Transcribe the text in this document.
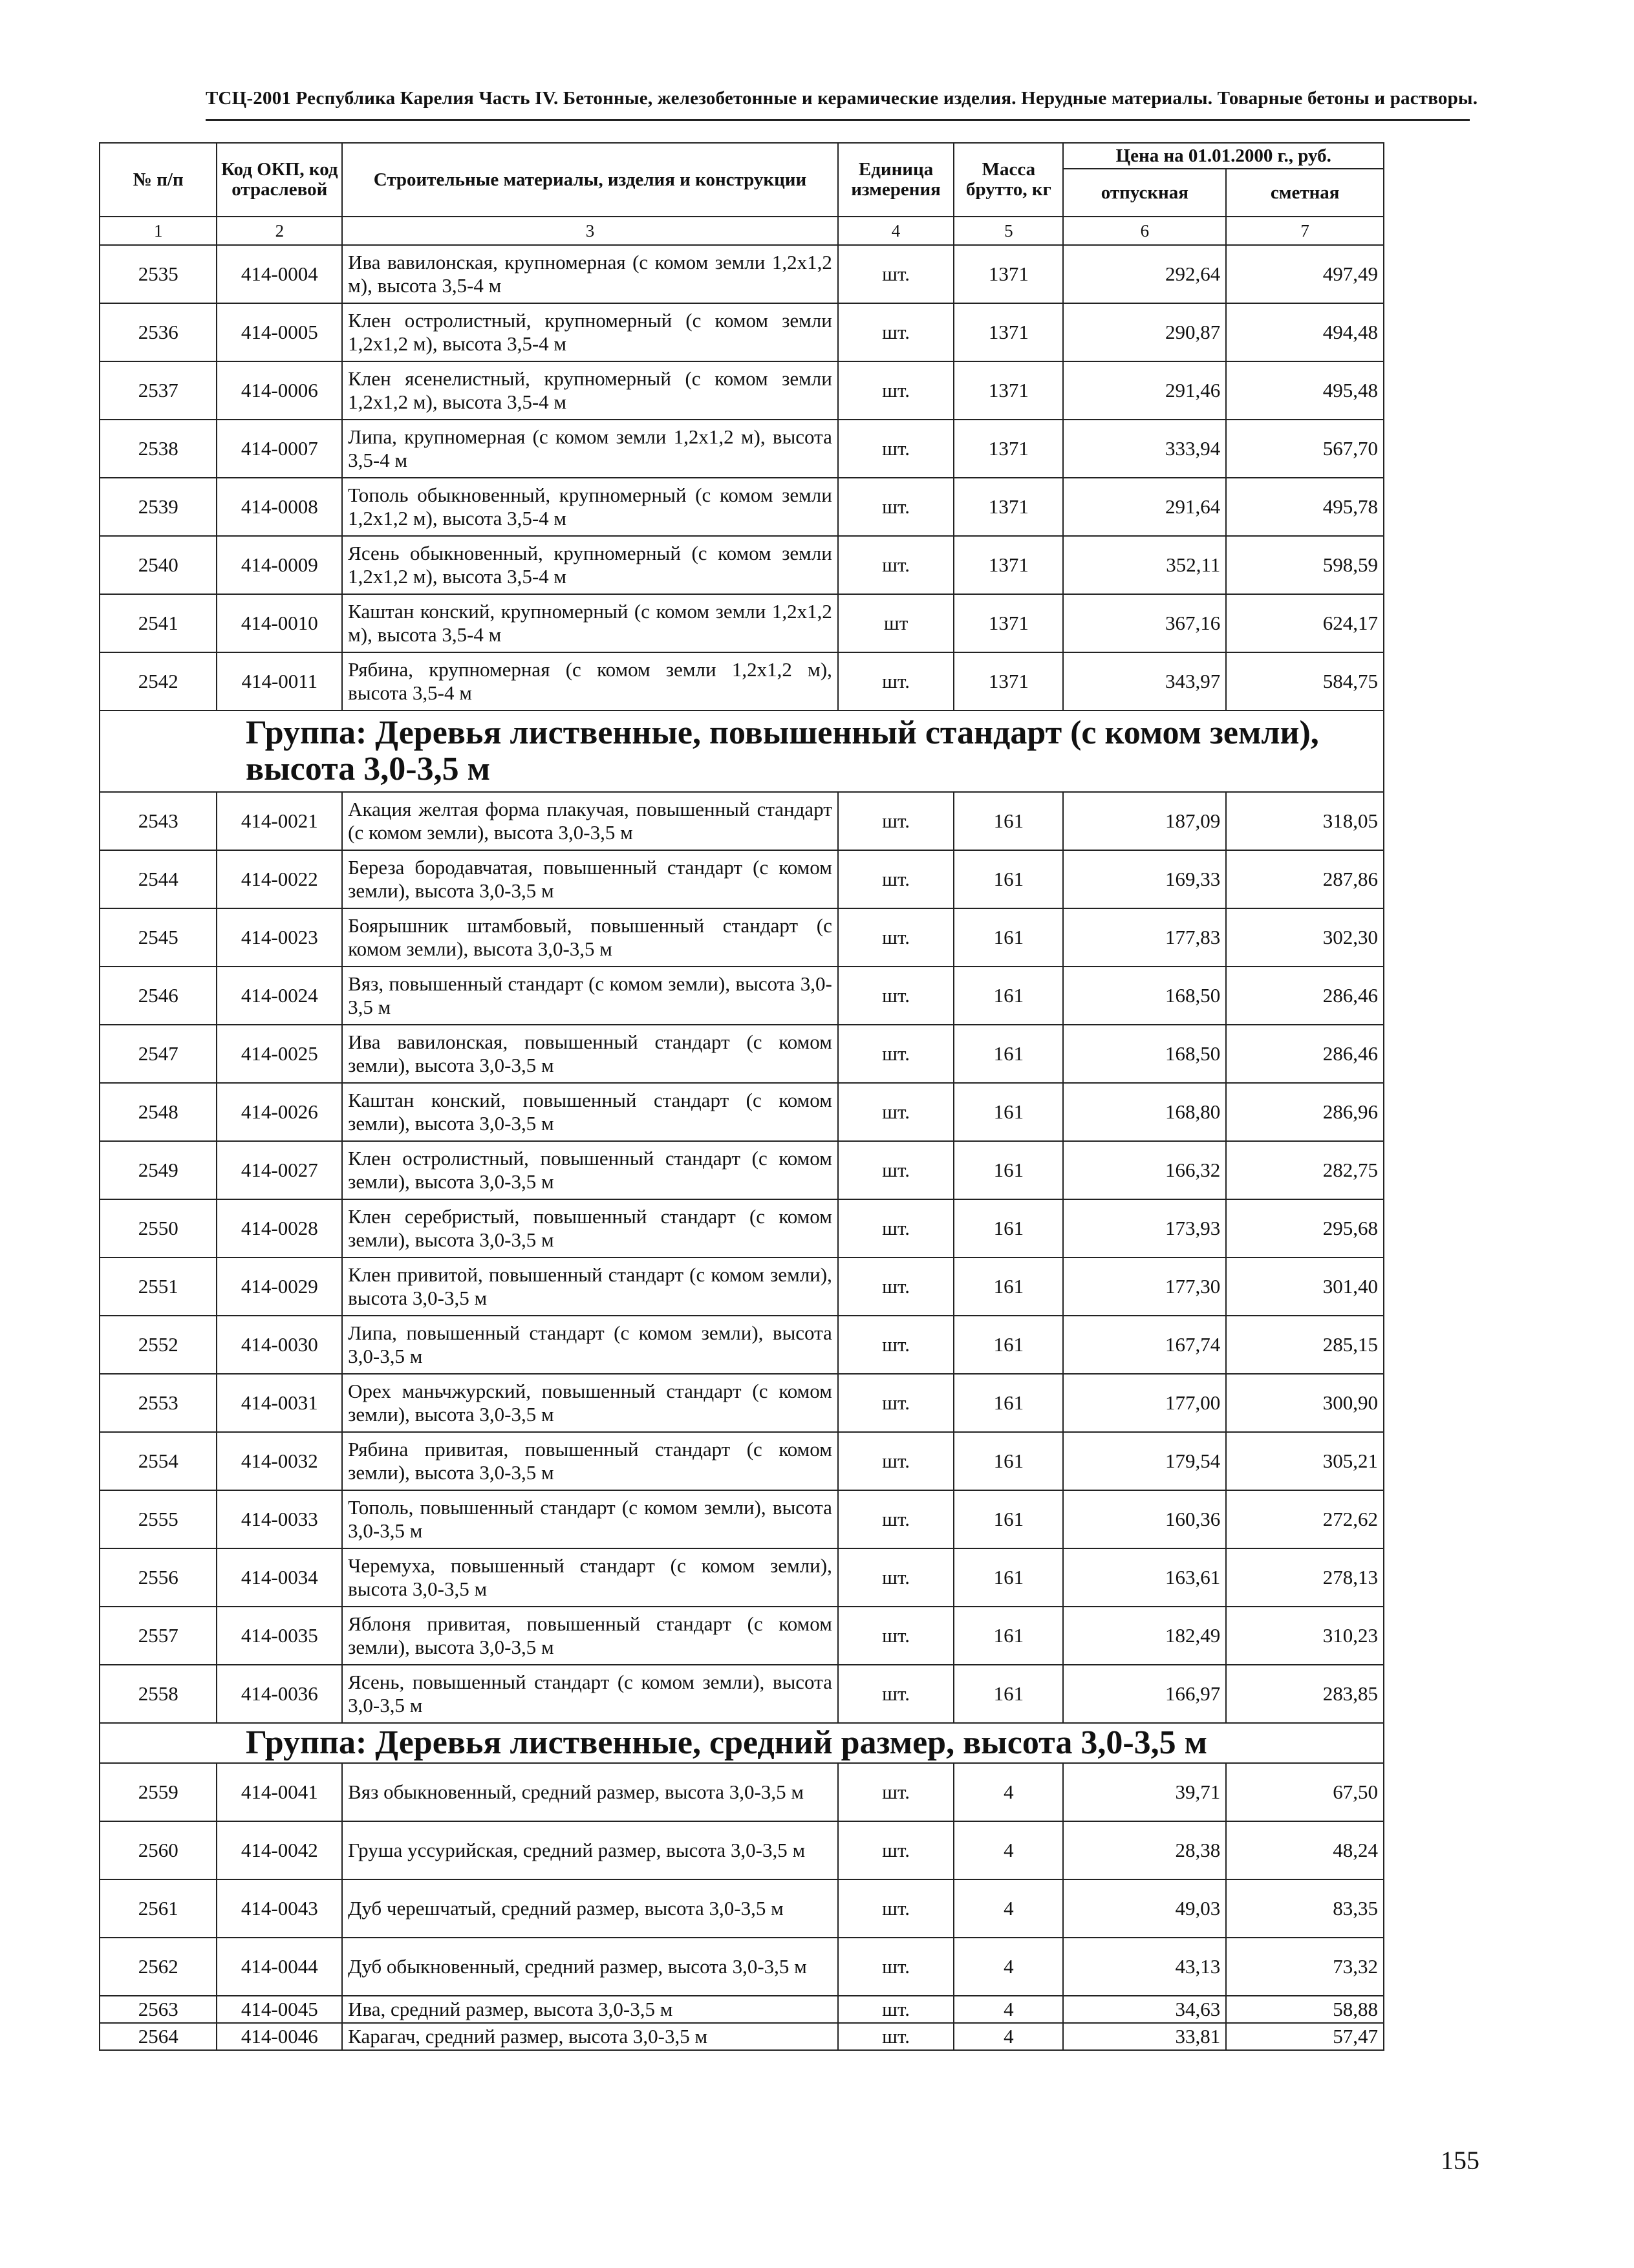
ТСЦ-2001 Республика Карелия Часть IV. Бетонные, железобетонные и керамические изделия. Нерудные материалы. Товарные бетоны и растворы.
№ п/п	Код ОКП, код отраслевой	Строительные материалы, изделия и конструкции	Единица измерения	Масса брутто, кг	Цена на 01.01.2000 г., руб.	
					отпускная	сметная
1	2	3	4	5	6	7
2535	414-0004	Ива вавилонская, крупномерная (с комом земли 1,2х1,2 м), высота 3,5-4 м	шт.	1371	292,64	497,49
2536	414-0005	Клен остролистный, крупномерный (с комом земли 1,2х1,2 м), высота 3,5-4 м	шт.	1371	290,87	494,48
2537	414-0006	Клен ясенелистный, крупномерный (с комом земли 1,2х1,2 м), высота 3,5-4 м	шт.	1371	291,46	495,48
2538	414-0007	Липа, крупномерная (с комом земли 1,2х1,2 м), высота 3,5-4 м	шт.	1371	333,94	567,70
2539	414-0008	Тополь обыкновенный, крупномерный (с комом земли 1,2х1,2 м), высота 3,5-4 м	шт.	1371	291,64	495,78
2540	414-0009	Ясень обыкновенный, крупномерный (с комом земли 1,2х1,2 м), высота 3,5-4 м	шт.	1371	352,11	598,59
2541	414-0010	Каштан конский, крупномерный (с комом земли 1,2х1,2 м), высота 3,5-4 м	шт	1371	367,16	624,17
2542	414-0011	Рябина, крупномерная (с комом земли 1,2х1,2 м), высота 3,5-4 м	шт.	1371	343,97	584,75
Группа: Деревья лиственные, повышенный стандарт (с комом земли), высота 3,0-3,5 м						
2543	414-0021	Акация желтая форма плакучая, повышенный стандарт (с комом земли), высота 3,0-3,5 м	шт.	161	187,09	318,05
2544	414-0022	Береза бородавчатая, повышенный стандарт (с комом земли), высота 3,0-3,5 м	шт.	161	169,33	287,86
2545	414-0023	Боярышник штамбовый, повышенный стандарт (с комом земли), высота 3,0-3,5 м	шт.	161	177,83	302,30
2546	414-0024	Вяз, повышенный стандарт (с комом земли), высота 3,0-3,5 м	шт.	161	168,50	286,46
2547	414-0025	Ива вавилонская, повышенный стандарт (с комом земли), высота 3,0-3,5 м	шт.	161	168,50	286,46
2548	414-0026	Каштан конский, повышенный стандарт (с комом земли), высота 3,0-3,5 м	шт.	161	168,80	286,96
2549	414-0027	Клен остролистный, повышенный стандарт (с комом земли), высота 3,0-3,5 м	шт.	161	166,32	282,75
2550	414-0028	Клен серебристый, повышенный стандарт (с комом земли), высота 3,0-3,5 м	шт.	161	173,93	295,68
2551	414-0029	Клен привитой, повышенный стандарт (с комом земли), высота 3,0-3,5 м	шт.	161	177,30	301,40
2552	414-0030	Липа, повышенный стандарт (с комом земли), высота 3,0-3,5 м	шт.	161	167,74	285,15
2553	414-0031	Орех маньчжурский, повышенный стандарт (с комом земли), высота 3,0-3,5 м	шт.	161	177,00	300,90
2554	414-0032	Рябина привитая, повышенный стандарт (с комом земли), высота 3,0-3,5 м	шт.	161	179,54	305,21
2555	414-0033	Тополь, повышенный стандарт (с комом земли), высота 3,0-3,5 м	шт.	161	160,36	272,62
2556	414-0034	Черемуха, повышенный стандарт (с комом земли), высота 3,0-3,5 м	шт.	161	163,61	278,13
2557	414-0035	Яблоня привитая, повышенный стандарт (с комом земли), высота 3,0-3,5 м	шт.	161	182,49	310,23
2558	414-0036	Ясень, повышенный стандарт (с комом земли), высота 3,0-3,5 м	шт.	161	166,97	283,85
Группа: Деревья лиственные, средний размер, высота 3,0-3,5 м						
2559	414-0041	Вяз обыкновенный, средний размер, высота 3,0-3,5 м	шт.	4	39,71	67,50
2560	414-0042	Груша уссурийская, средний размер, высота 3,0-3,5 м	шт.	4	28,38	48,24
2561	414-0043	Дуб черешчатый, средний размер, высота 3,0-3,5 м	шт.	4	49,03	83,35
2562	414-0044	Дуб обыкновенный, средний размер, высота 3,0-3,5 м	шт.	4	43,13	73,32
2563	414-0045	Ива, средний размер, высота 3,0-3,5 м	шт.	4	34,63	58,88
2564	414-0046	Карагач, средний размер, высота 3,0-3,5 м	шт.	4	33,81	57,47
155
